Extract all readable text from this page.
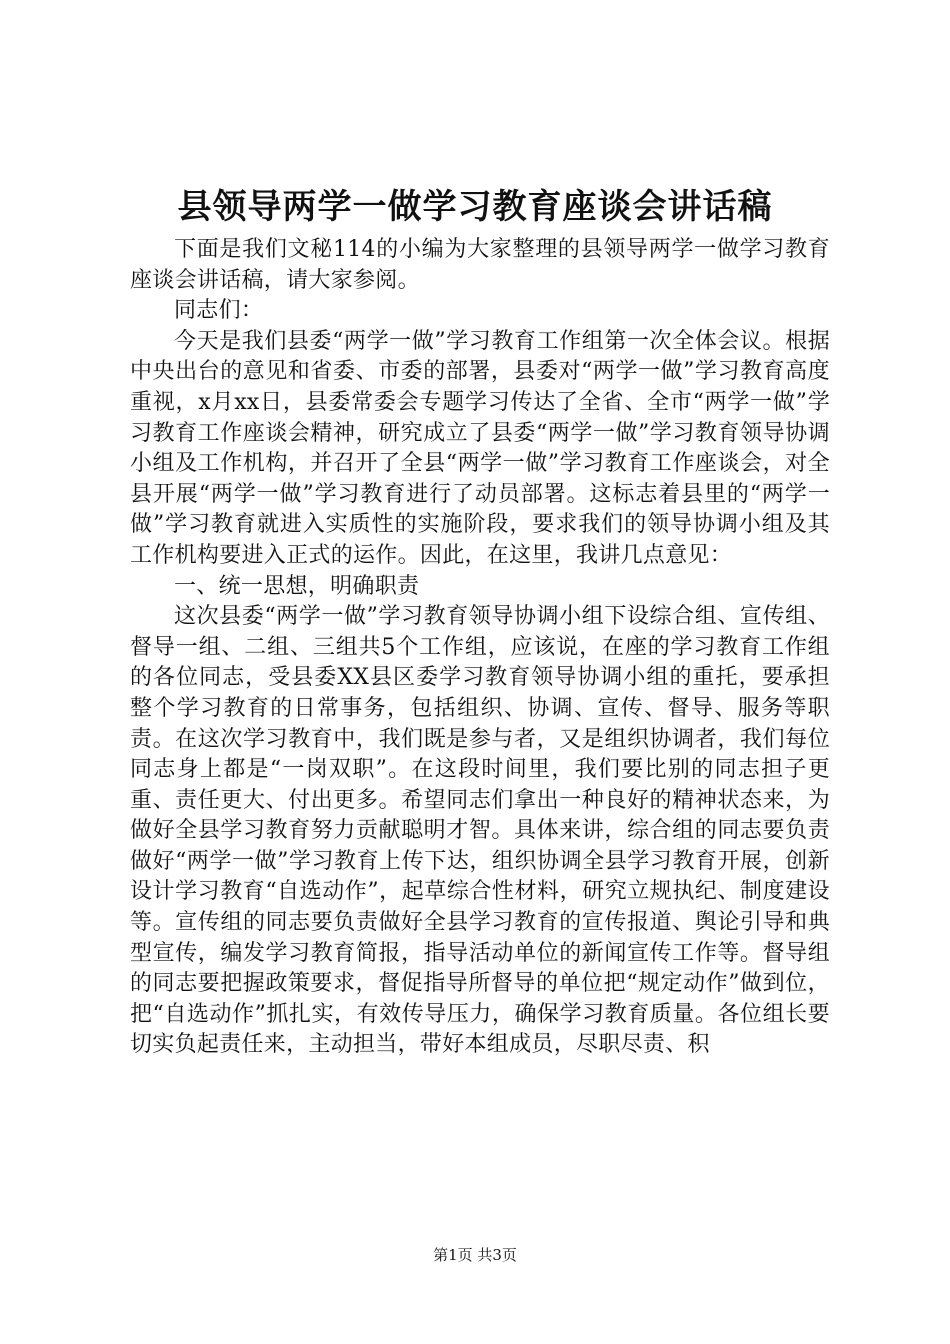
县领导两学一做学习教育座谈会讲话稿

下面是我们文秘114的小编为大家整理的县领导两学一做学习教育座谈会讲话稿，请大家参阅。

同志们：

今天是我们县委“两学一做”学习教育工作组第一次全体会议。根据中央出台的意见和省委、市委的部署，县委对“两学一做”学习教育高度重视，x月xx日，县委常委会专题学习传达了全省、全市“两学一做”学习教育工作座谈会精神，研究成立了县委“两学一做”学习教育领导协调小组及工作机构，并召开了全县“两学一做”学习教育工作座谈会，对全县开展“两学一做”学习教育进行了动员部署。这标志着县里的“两学一做”学习教育就进入实质性的实施阶段，要求我们的领导协调小组及其工作机构要进入正式的运作。因此，在这里，我讲几点意见：

一、统一思想，明确职责

这次县委“两学一做”学习教育领导协调小组下设综合组、宣传组、督导一组、二组、三组共5个工作组，应该说，在座的学习教育工作组的各位同志，受县委XX县区委学习教育领导协调小组的重托，要承担整个学习教育的日常事务，包括组织、协调、宣传、督导、服务等职责。在这次学习教育中，我们既是参与者，又是组织协调者，我们每位同志身上都是“一岗双职”。在这段时间里，我们要比别的同志担子更重、责任更大、付出更多。希望同志们拿出一种良好的精神状态来，为做好全县学习教育努力贡献聪明才智。具体来讲，综合组的同志要负责做好“两学一做”学习教育上传下达，组织协调全县学习教育开展，创新设计学习教育“自选动作”，起草综合性材料，研究立规执纪、制度建设等。宣传组的同志要负责做好全县学习教育的宣传报道、舆论引导和典型宣传，编发学习教育简报，指导活动单位的新闻宣传工作等。督导组的同志要把握政策要求，督促指导所督导的单位把“规定动作”做到位，把“自选动作”抓扎实，有效传导压力，确保学习教育质量。各位组长要切实负起责任来，主动担当，带好本组成员，尽职尽责、积

第1页 共3页
